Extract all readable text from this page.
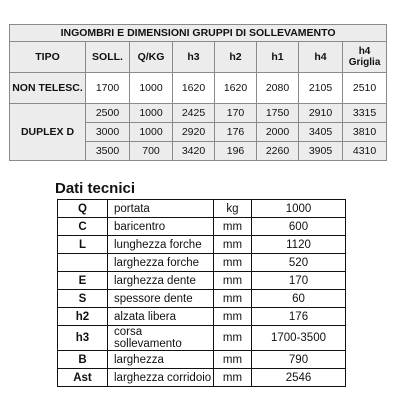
INGOMBRI E DIMENSIONI GRUPPI DI SOLLEVAMENTO							
TIPO	SOLL.	Q/KG	h3	h2	h1	h4	h4 Griglia
NON TELESC.	1700	1000	1620	1620	2080	2105	2510
DUPLEX D	2500	1000	2425	170	1750	2910	3315
	3000	1000	2920	176	2000	3405	3810
	3500	700	3420	196	2260	3905	4310
Dati tecnici
Q	portata	kg	1000
C	baricentro	mm	600
L	lunghezza forche	mm	1120
	larghezza forche	mm	520
E	larghezza dente	mm	170
S	spessore dente	mm	60
h2	alzata libera	mm	176
h3	corsa sollevamento	mm	1700-3500
B	larghezza	mm	790
Ast	larghezza corridoio	mm	2546
